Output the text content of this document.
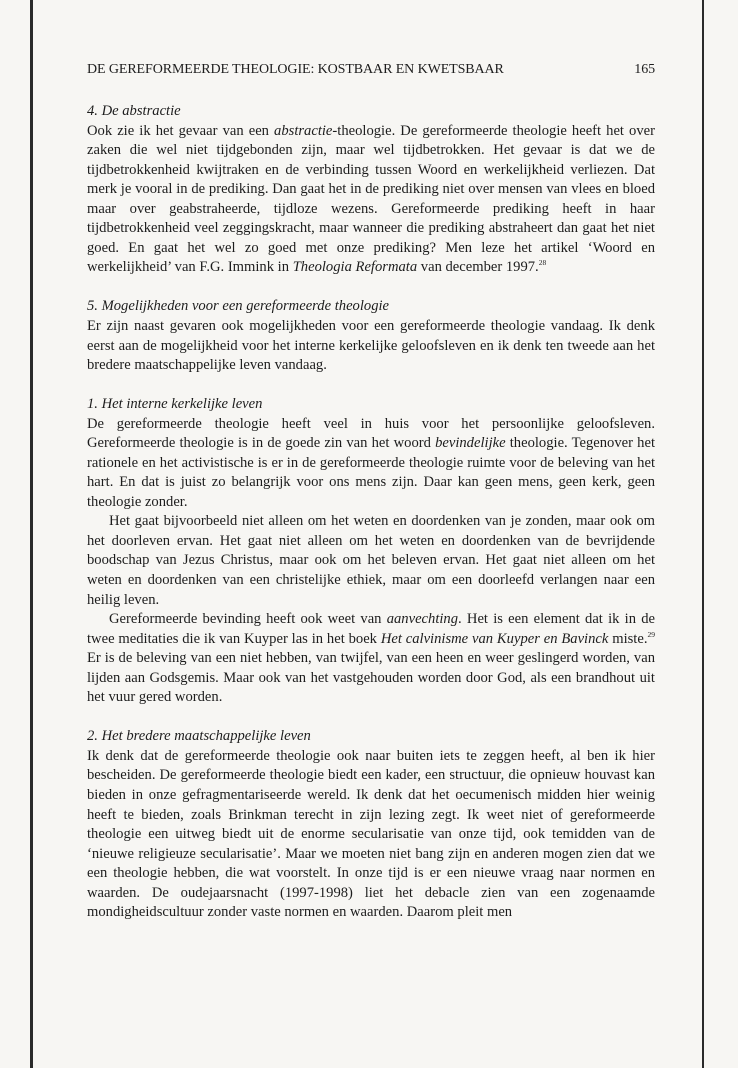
DE GEREFORMEERDE THEOLOGIE: KOSTBAAR EN KWETSBAAR	165
4. De abstractie

Ook zie ik het gevaar van een abstractie-theologie. De gereformeerde theologie heeft het over zaken die wel niet tijdgebonden zijn, maar wel tijdbetrokken. Het gevaar is dat we de tijdbetrokkenheid kwijtraken en de verbinding tussen Woord en werkelijkheid verliezen. Dat merk je vooral in de prediking. Dan gaat het in de prediking niet over mensen van vlees en bloed maar over geabstraheerde, tijdloze wezens. Gereformeerde prediking heeft in haar tijdbetrokkenheid veel zeggingskracht, maar wanneer die prediking abstraheert dan gaat het niet goed. En gaat het wel zo goed met onze prediking? Men leze het artikel ‘Woord en werkelijkheid’ van F.G. Immink in Theologia Reformata van december 1997.28

5. Mogelijkheden voor een gereformeerde theologie

Er zijn naast gevaren ook mogelijkheden voor een gereformeerde theologie vandaag. Ik denk eerst aan de mogelijkheid voor het interne kerkelijke geloofsleven en ik denk ten tweede aan het bredere maatschappelijke leven vandaag.

1. Het interne kerkelijke leven

De gereformeerde theologie heeft veel in huis voor het persoonlijke geloofsleven. Gereformeerde theologie is in de goede zin van het woord bevindelijke theologie. Tegenover het rationele en het activistische is er in de gereformeerde theologie ruimte voor de beleving van het hart. En dat is juist zo belangrijk voor ons mens zijn. Daar kan geen mens, geen kerk, geen theologie zonder.

Het gaat bijvoorbeeld niet alleen om het weten en doordenken van je zonden, maar ook om het doorleven ervan. Het gaat niet alleen om het weten en doordenken van de bevrijdende boodschap van Jezus Christus, maar ook om het beleven ervan. Het gaat niet alleen om het weten en doordenken van een christelijke ethiek, maar om een doorleefd verlangen naar een heilig leven.

Gereformeerde bevinding heeft ook weet van aanvechting. Het is een element dat ik in de twee meditaties die ik van Kuyper las in het boek Het calvinisme van Kuyper en Bavinck miste.$^{29}$ Er is de beleving van een niet hebben, van twijfel, van een heen en weer geslingerd worden, van lijden aan Godsgemis. Maar ook van het vastgehouden worden door God, als een brandhout uit het vuur gered worden.

2. Het bredere maatschappelijke leven

Ik denk dat de gereformeerde theologie ook naar buiten iets te zeggen heeft, al ben ik hier bescheiden. De gereformeerde theologie biedt een kader, een structuur, die opnieuw houvast kan bieden in onze gefragmentariseerde wereld. Ik denk dat het oecumenisch midden hier weinig heeft te bieden, zoals Brinkman terecht in zijn lezing zegt. Ik weet niet of gereformeerde theologie een uitweg biedt uit de enorme secularisatie van onze tijd, ook temidden van de ‘nieuwe religieuze secularisatie’. Maar we moeten niet bang zijn en anderen mogen zien dat we een theologie hebben, die wat voorstelt. In onze tijd is er een nieuwe vraag naar normen en waarden. De oudejaarsnacht (1997-1998) liet het debacle zien van een zogenaamde mondigheidscultuur zonder vaste normen en waarden. Daarom pleit men
